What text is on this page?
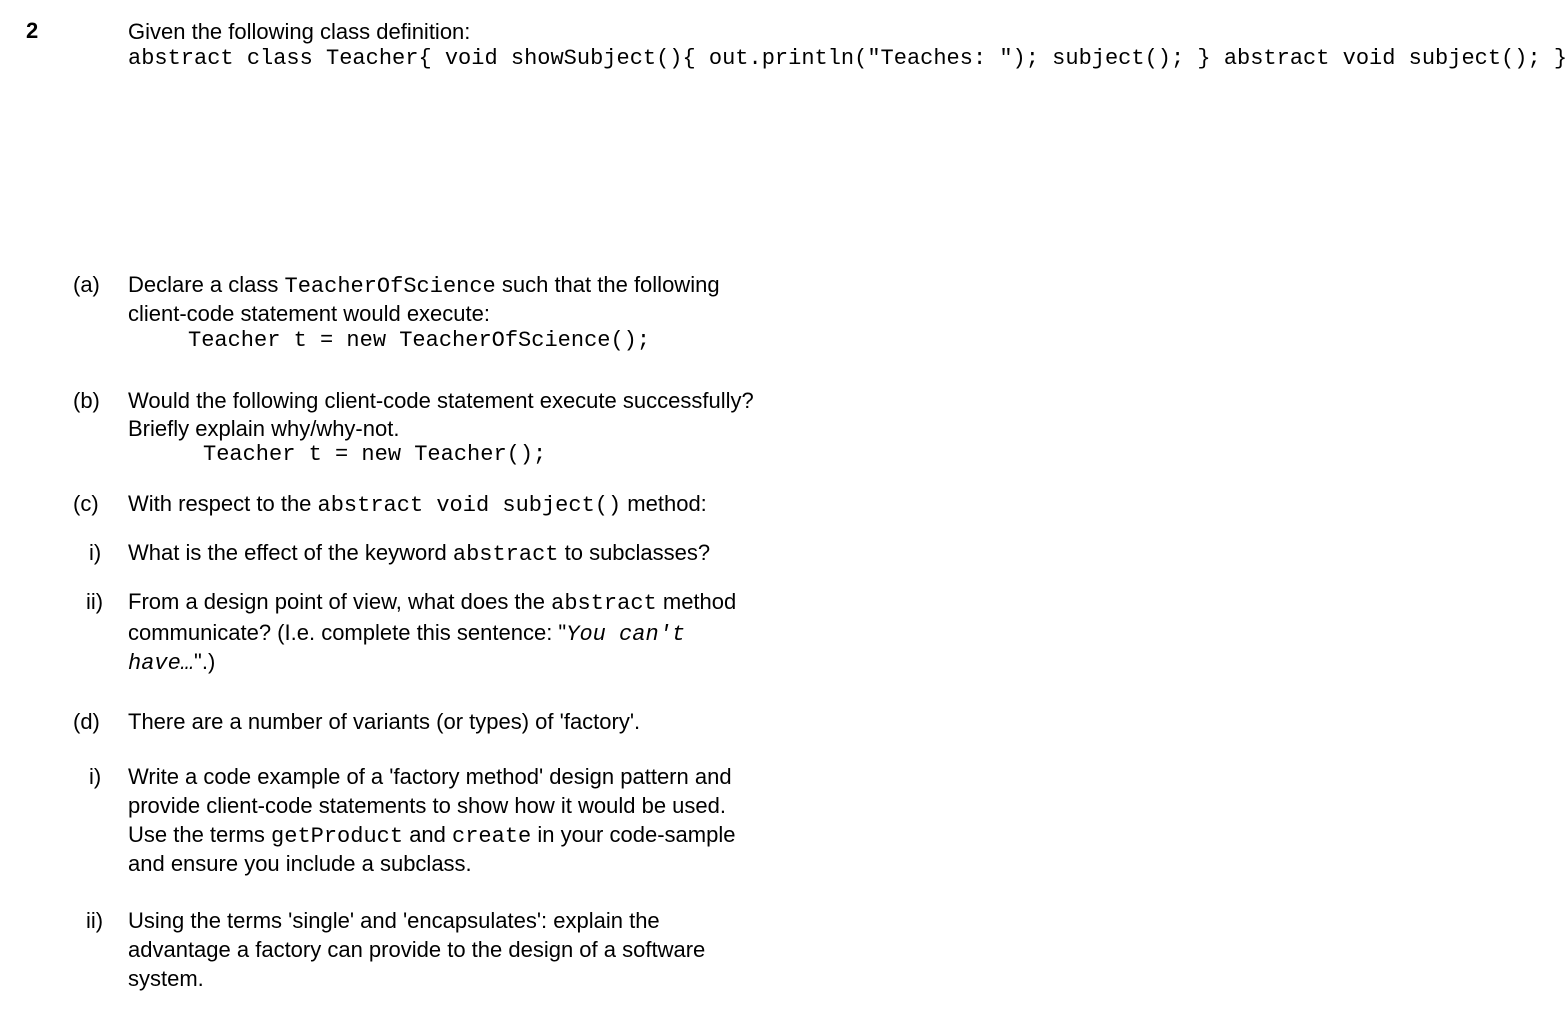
2	Given the following class definition:
abstract class Teacher{ void showSubject(){ out.println("Teaches: "); subject(); } abstract void subject(); }
(a) Declare a class TeacherOfScience such that the following
client-code statement would execute:
Teacher t = new TeacherOfScience();
(b) Would the following client-code statement execute successfully?
Briefly explain why/why-not.
Teacher t = new Teacher();
(c) With respect to the abstract void subject() method:
i) What is the effect of the keyword abstract to subclasses?
ii) From a design point of view, what does the abstract method
communicate? (I.e. complete this sentence: "You can't
have…".)
(d) There are a number of variants (or types) of 'factory'.
i) Write a code example of a 'factory method' design pattern and
provide client-code statements to show how it would be used.
Use the terms getProduct and create in your code-sample
and ensure you include a subclass.
ii) Using the terms 'single' and 'encapsulates': explain the
advantage a factory can provide to the design of a software
system.
